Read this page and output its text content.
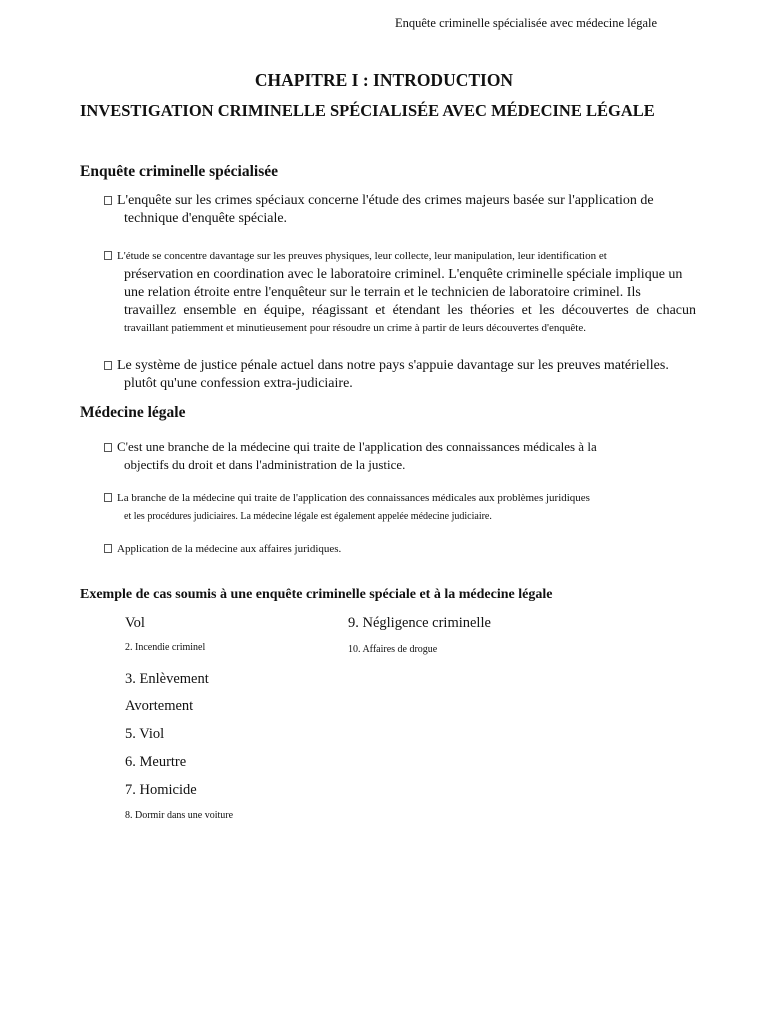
Enquête criminelle spécialisée avec médecine légale
CHAPITRE I : INTRODUCTION
INVESTIGATION CRIMINELLE SPÉCIALISÉE AVEC MÉDECINE LÉGALE
Enquête criminelle spécialisée
L'enquête sur les crimes spéciaux concerne l'étude des crimes majeurs basée sur l'application de
technique d'enquête spéciale.
L'étude se concentre davantage sur les preuves physiques, leur collecte, leur manipulation, leur identification et
préservation en coordination avec le laboratoire criminel. L'enquête criminelle spéciale implique un
une relation étroite entre l'enquêteur sur le terrain et le technicien de laboratoire criminel. Ils
travaillez ensemble en équipe, réagissant et étendant les théories et les découvertes de chacun
travaillant patiemment et minutieusement pour résoudre un crime à partir de leurs découvertes d'enquête.
Le système de justice pénale actuel dans notre pays s'appuie davantage sur les preuves matérielles.
plutôt qu'une confession extra-judiciaire.
Médecine légale
C'est une branche de la médecine qui traite de l'application des connaissances médicales à la
objectifs du droit et dans l'administration de la justice.
La branche de la médecine qui traite de l'application des connaissances médicales aux problèmes juridiques
et les procédures judiciaires. La médecine légale est également appelée médecine judiciaire.
Application de la médecine aux affaires juridiques.
Exemple de cas soumis à une enquête criminelle spéciale et à la médecine légale
Vol
2. Incendie criminel
3. Enlèvement
Avortement
5. Viol
6. Meurtre
7. Homicide
8. Dormir dans une voiture
9. Négligence criminelle
10. Affaires de drogue
